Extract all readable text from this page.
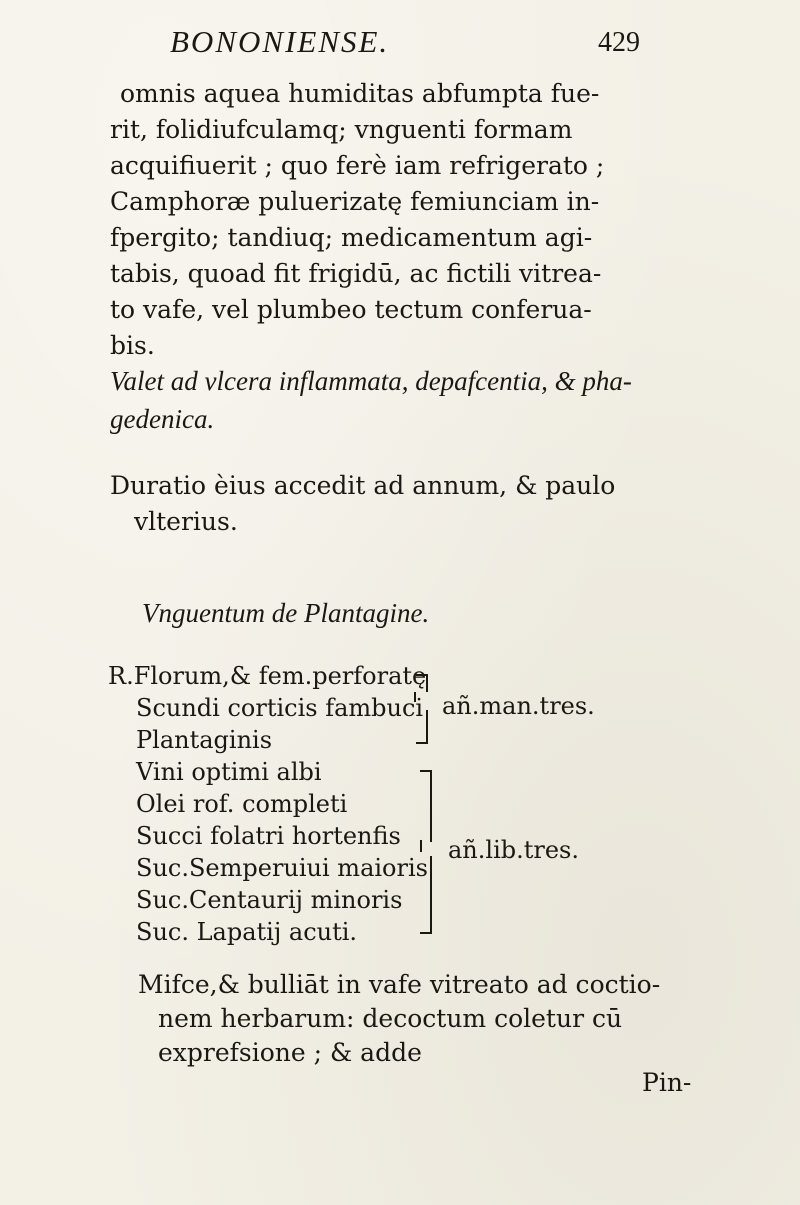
BONONIENSE.	429
omnis aquea humiditas abfumpta fue-
rit, folidiufculamq; vnguenti formam
acquifiuerit ; quo ferè iam refrigerato ;
Camphoræ puluerizatę femiunciam in-
fpergito; tandiuq; medicamentum agi-
tabis, quoad fit frigidū, ac fictili vitrea-
to vafe, vel plumbeo tectum conferua-
bis.
Valet ad vlcera inflammata, depafcentia, & pha-
gedenica.
Duratio èius accedit ad annum, & paulo
vlterius.
Vnguentum de Plantagine.
R.Florum,& fem.perforatę
Scundi corticis fambuci
Plantaginis
añ.man.tres.
Vini optimi albi
Olei rof. completi
Succi folatri hortenfis
Suc.Semperuiui maioris
Suc.Centaurij minoris
Suc. Lapatij acuti.
añ.lib.tres.
Mifce,& bulliāt in vafe vitreato ad coctio-
nem herbarum: decoctum coletur cū
exprefsione ; & adde
Pin-
